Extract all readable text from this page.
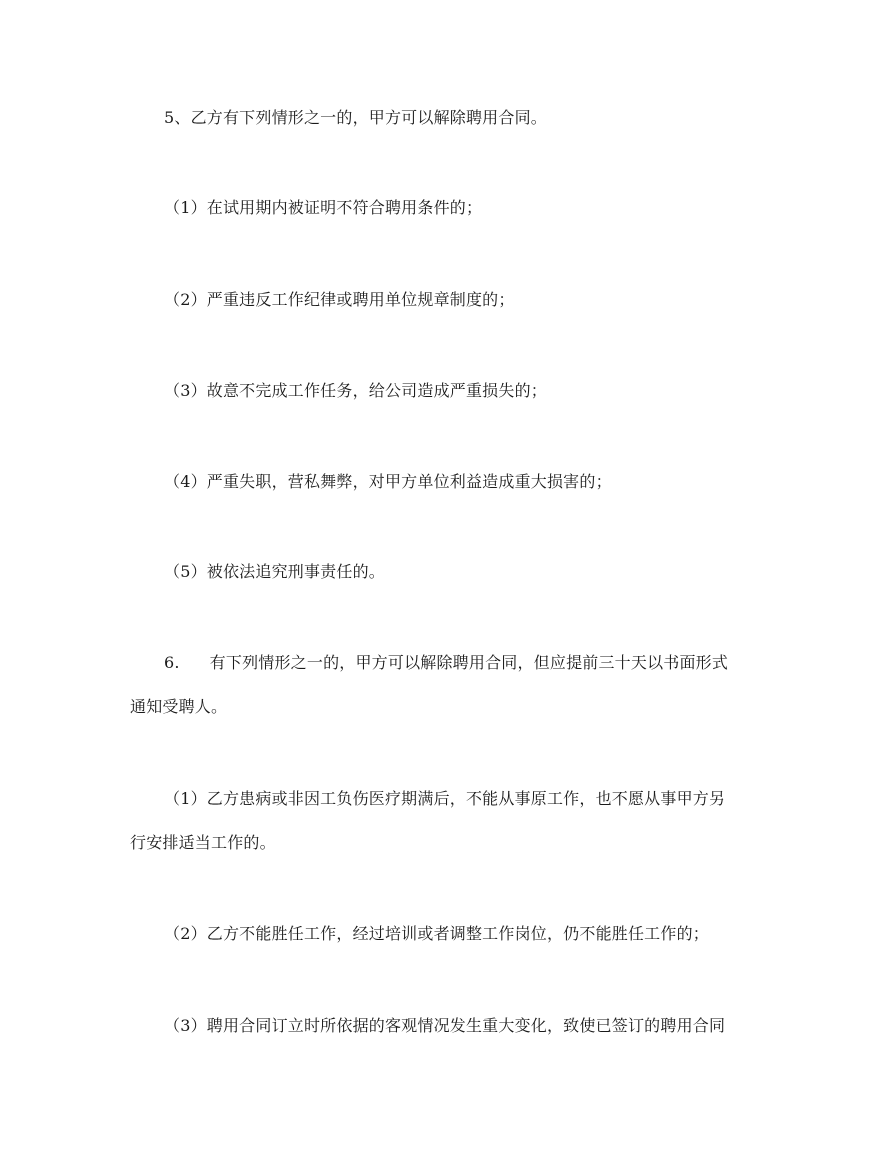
5、乙方有下列情形之一的，甲方可以解除聘用合同。
（1）在试用期内被证明不符合聘用条件的；
（2）严重违反工作纪律或聘用单位规章制度的；
（3）故意不完成工作任务，给公司造成严重损失的；
（4）严重失职，营私舞弊，对甲方单位利益造成重大损害的；
（5）被依法追究刑事责任的。
6. 有下列情形之一的，甲方可以解除聘用合同，但应提前三十天以书面形式
通知受聘人。
（1）乙方患病或非因工负伤医疗期满后，不能从事原工作，也不愿从事甲方另
行安排适当工作的。
（2）乙方不能胜任工作，经过培训或者调整工作岗位，仍不能胜任工作的；
（3）聘用合同订立时所依据的客观情况发生重大变化，致使已签订的聘用合同
